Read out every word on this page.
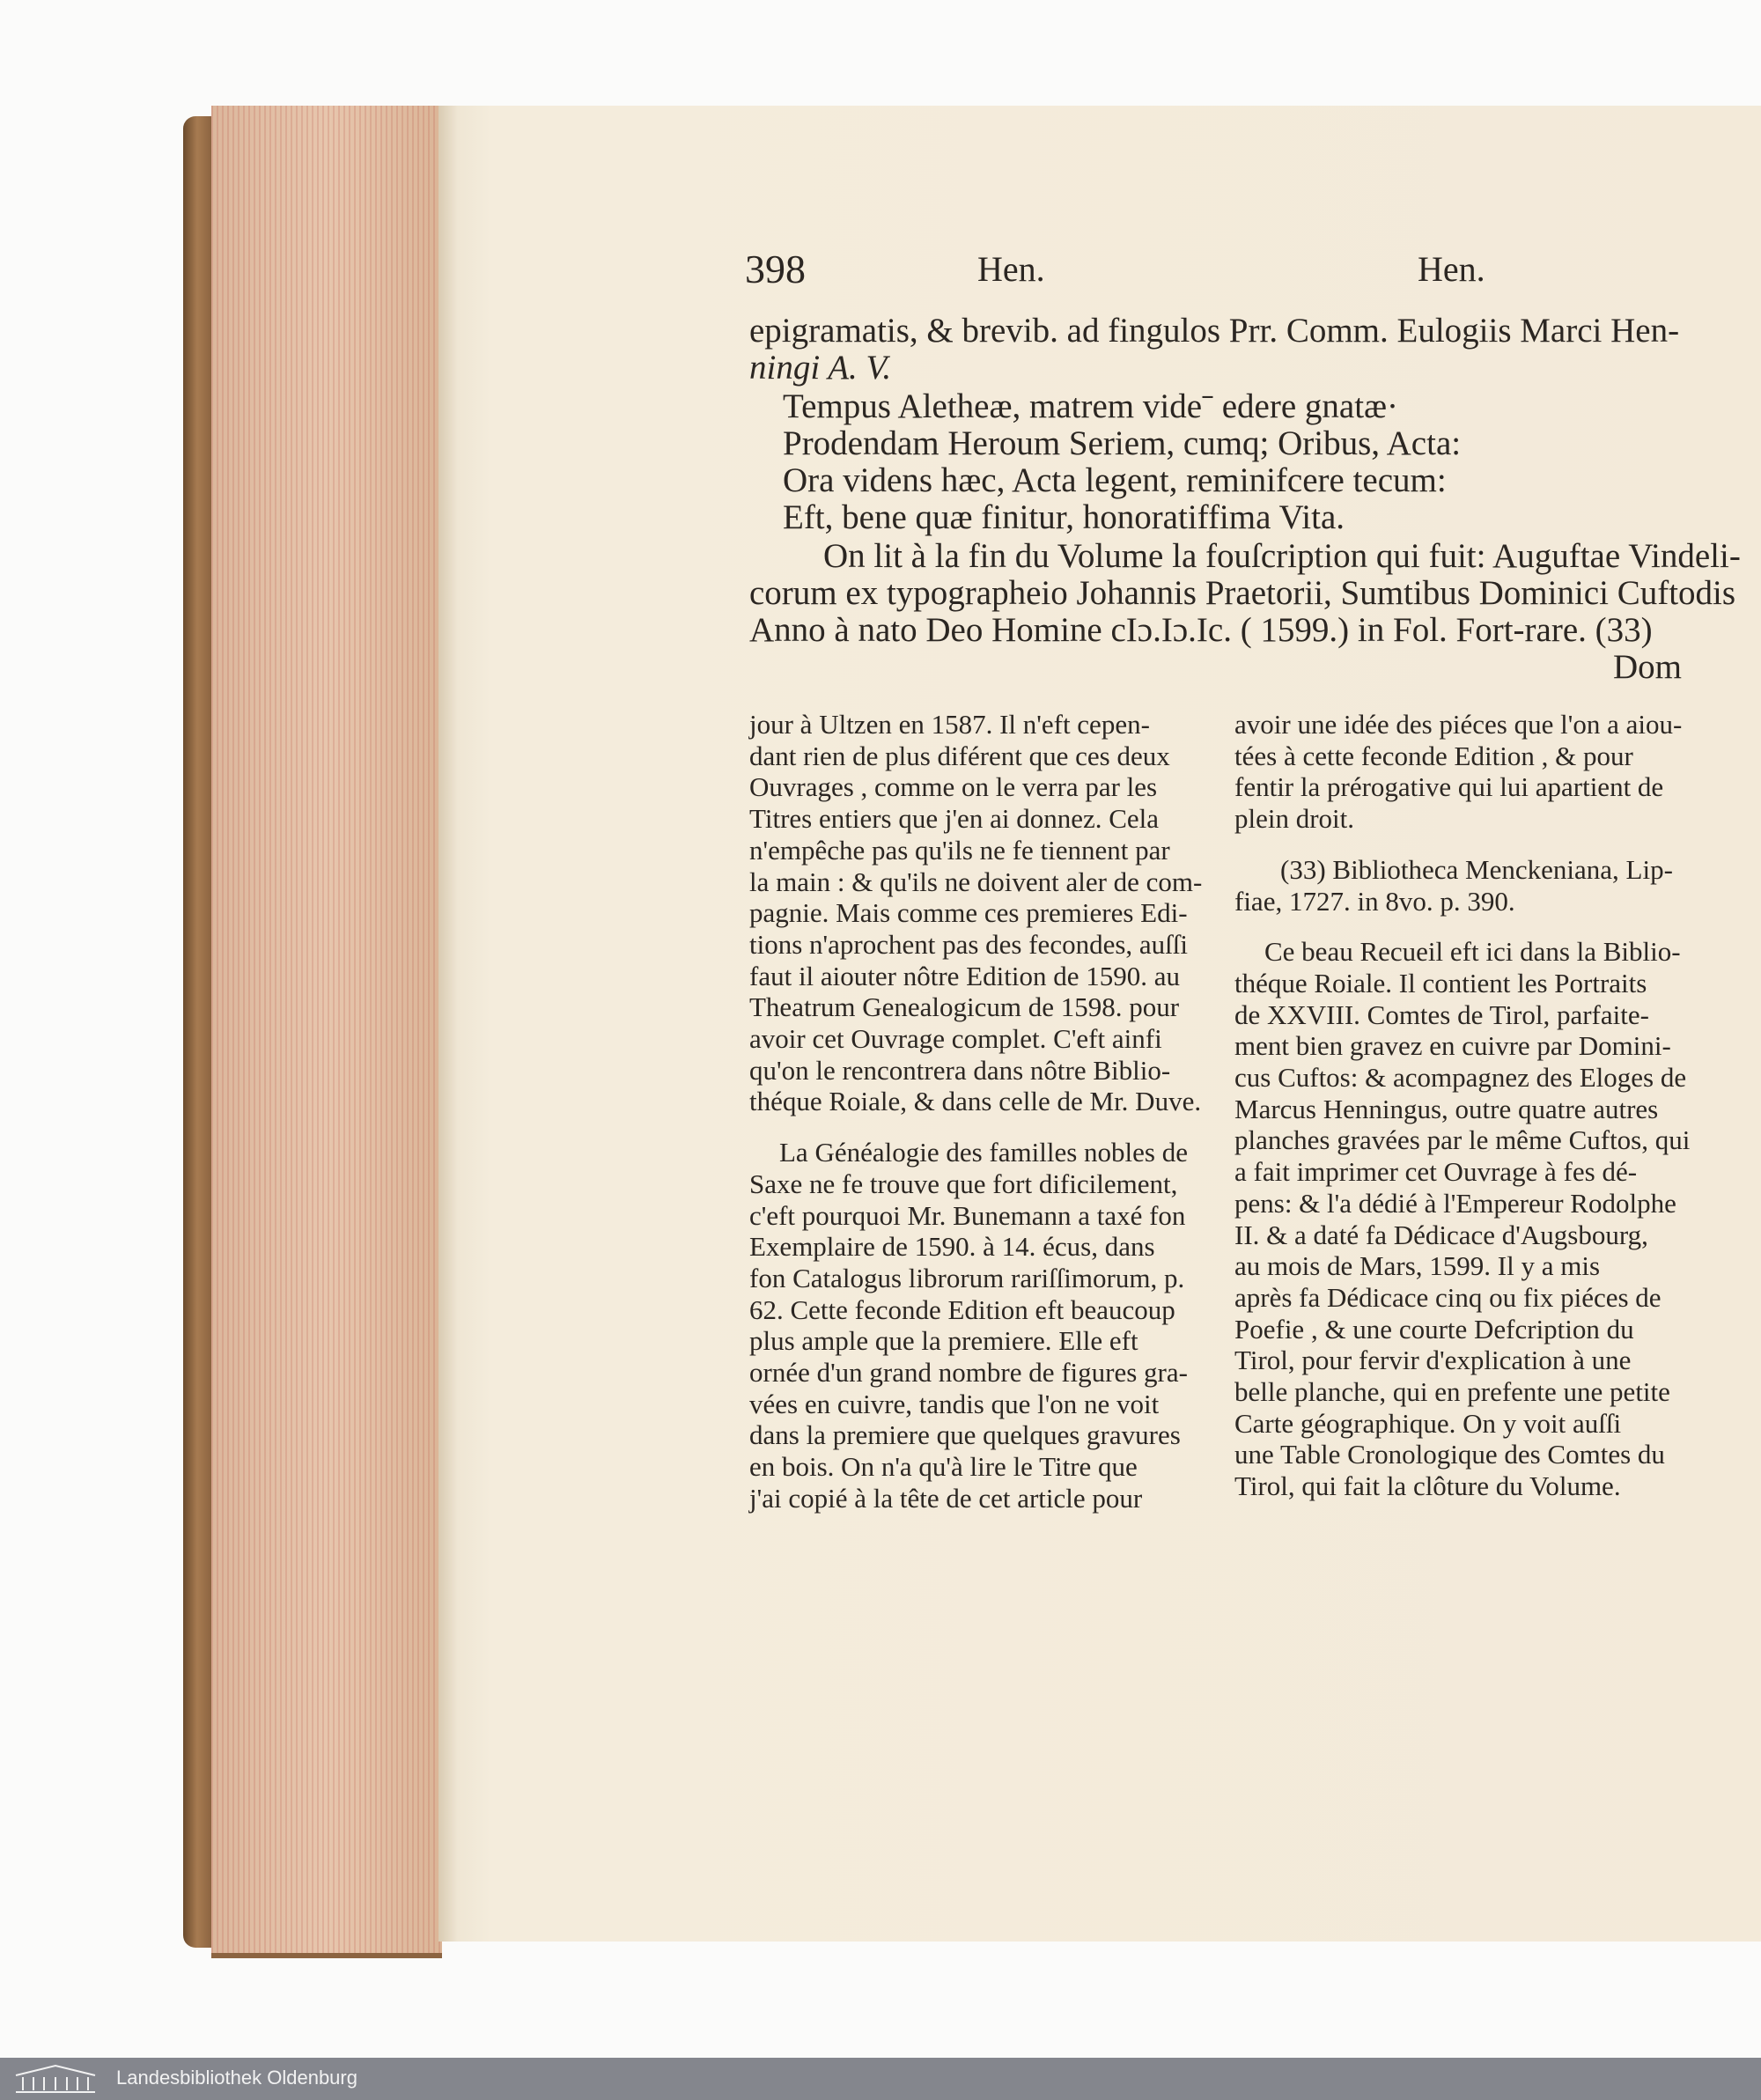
398	Hen.	Hen.
epigramatis, & brevib. ad fingulos Prr. Comm. Eulogiis Marci Hen-
ningi A. V.
Tempus Aletheæ, matrem videˉ edere gnatæ·
Prodendam Heroum Seriem, cumq; Oribus, Acta:
Ora videns hæc, Acta legent, reminifcere tecum:
Eft, bene quæ finitur, honoratiffima Vita.
On lit à la fin du Volume la fouſcription qui fuit: Auguftae Vindeli-
corum ex typographeio Johannis Praetorii, Sumtibus Dominici Cuftodis
Anno à nato Deo Homine cIɔ.Iɔ.Ic. ( 1599.) in Fol. Fort-rare. (33)
Dom

jour à Ultzen en 1587. Il n'eft cepen-

dant rien de plus diférent que ces deux

Ouvrages , comme on le verra par les

Titres entiers que j'en ai donnez. Cela

n'empêche pas qu'ils ne fe tiennent par

la main : & qu'ils ne doivent aler de com-

pagnie. Mais comme ces premieres Edi-

tions n'aprochent pas des fecondes, auſſi

faut il aiouter nôtre Edition de 1590. au

Theatrum Genealogicum de 1598. pour

avoir cet Ouvrage complet. C'eft ainfi

qu'on le rencontrera dans nôtre Biblio-

théque Roiale, & dans celle de Mr. Duve.

La Généalogie des familles nobles de

Saxe ne fe trouve que fort dificilement,

c'eft pourquoi Mr. Bunemann a taxé fon

Exemplaire de 1590. à 14. écus, dans

fon Catalogus librorum rariſſimorum, p.

62. Cette feconde Edition eft beaucoup

plus ample que la premiere. Elle eft

ornée d'un grand nombre de figures gra-

vées en cuivre, tandis que l'on ne voit

dans la premiere que quelques gravures

en bois. On n'a qu'à lire le Titre que

j'ai copié à la tête de cet article pour

avoir une idée des piéces que l'on a aiou-

tées à cette feconde Edition , & pour

fentir la prérogative qui lui apartient de

plein droit.

(33) Bibliotheca Menckeniana, Lip-

fiae, 1727. in 8vo. p. 390.

Ce beau Recueil eft ici dans la Biblio-

théque Roiale. Il contient les Portraits

de XXVIII. Comtes de Tirol, parfaite-

ment bien gravez en cuivre par Domini-

cus Cuftos: & acompagnez des Eloges de

Marcus Henningus, outre quatre autres

planches gravées par le même Cuftos, qui

a fait imprimer cet Ouvrage à fes dé-

pens: & l'a dédié à l'Empereur Rodolphe

II. & a daté fa Dédicace d'Augsbourg,

au mois de Mars, 1599. Il y a mis

après fa Dédicace cinq ou fix piéces de

Poefie , & une courte Defcription du

Tirol, pour fervir d'explication à une

belle planche, qui en prefente une petite

Carte géographique. On y voit auſſi

une Table Cronologique des Comtes du

Tirol, qui fait la clôture du Volume.

Landesbibliothek Oldenburg
